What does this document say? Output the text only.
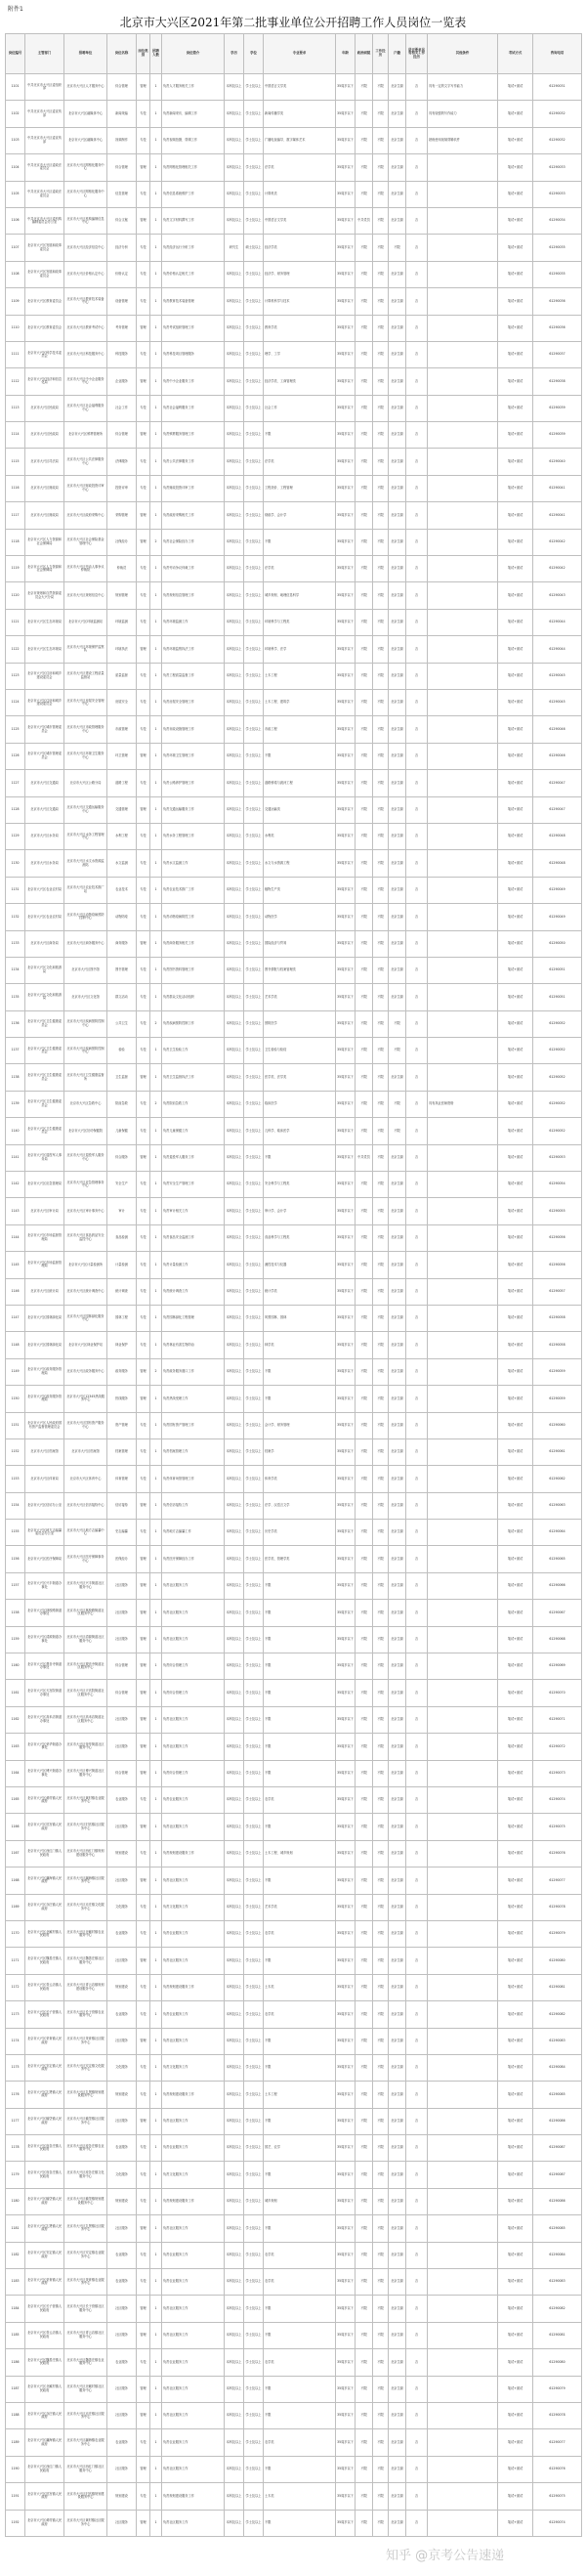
附件1
北京市大兴区2021年第二批事业单位公开招聘工作人员岗位一览表
岗位编号	主管部门	招聘单位	岗位名称	岗位类别	招聘人数	岗位简介	学历	学位	专业要求	年龄	政治面貌	工作经历	户籍	是否要求具有相关工作经历	其他条件	考试方式	咨询电话
1101	中共北京市大兴区委组织部	北京市大兴区人才服务中心	综合管理	管理	1	负责人才服务相关工作	本科及以上	学士及以上	中国语言文学类	35周岁以下	不限	不限	北京生源	否	具有一定的文字写作能力	笔试+面试	61290031
1102	中共北京市大兴区委宣传部	北京市大兴区融媒体中心	新闻采编	专技	1	负责新闻采访、编辑工作	本科及以上	学士及以上	新闻传播学类	35周岁以下	不限	不限	北京生源	否	具有较强的写作能力	笔试+面试	61290032
1103	中共北京市大兴区委宣传部	北京市大兴区融媒体中心	视频制作	专技	1	负责视频拍摄、剪辑工作	本科及以上	学士及以上	广播电视编导、数字媒体艺术	35周岁以下	不限	不限	北京生源	否	熟练使用视频剪辑软件	笔试+面试	61290032
1104	中共北京市大兴区委政法委员会	北京市大兴区网格化服务中心	综合管理	管理	1	负责网格化管理相关工作	本科及以上	学士及以上	法学类	35周岁以下	不限	不限	北京生源	否		笔试+面试	61290033
1105	中共北京市大兴区委政法委员会	北京市大兴区网格化服务中心	信息管理	专技	1	负责信息系统维护工作	本科及以上	学士及以上	计算机类	35周岁以下	不限	不限	北京生源	否		笔试+面试	61290033
1106	中共北京市大兴区委机构编制委员会办公室	北京市大兴区机构编制信息中心	综合文秘	管理	1	负责文字材料撰写工作	本科及以上	学士及以上	中国语言文学类	35周岁以下	中共党员	不限	北京生源	否		笔试+面试	61290034
1107	北京市大兴区发展和改革委员会	北京市大兴区经济信息中心	经济分析	专技	1	负责经济运行分析工作	研究生	硕士及以上	经济学类	35周岁以下	不限	不限	不限	否		笔试+面试	61290035
1108	北京市大兴区发展和改革委员会	北京市大兴区价格认定中心	价格认定	专技	1	负责价格认定相关工作	本科及以上	学士及以上	经济学、财务管理	35周岁以下	不限	不限	北京生源	否		笔试+面试	61290035
1109	北京市大兴区教育委员会	北京市大兴区教育技术装备中心	设备管理	专技	1	负责教育技术装备管理	本科及以上	学士及以上	计算机科学与技术	35周岁以下	不限	不限	北京生源	否		笔试+面试	61290036
1110	北京市大兴区教育委员会	北京市大兴区教育考试中心	考务管理	管理	1	负责考试组织管理工作	本科及以上	学士及以上	教育学类	35周岁以下	不限	不限	北京生源	否		笔试+面试	61290036
1111	北京市大兴区科学技术委员会	北京市大兴区科技服务中心	科技服务	专技	1	负责科技项目管理服务	本科及以上	学士及以上	理学、工学	35周岁以下	不限	不限	北京生源	否		笔试+面试	61290037
1112	北京市大兴区经济和信息化局	北京市大兴区中小企业服务中心	企业服务	管理	1	负责中小企业服务工作	本科及以上	学士及以上	经济学类、工商管理类	35周岁以下	不限	不限	北京生源	否		笔试+面试	61290038
1113	北京市大兴区民政局	北京市大兴区社会福利服务中心	社会工作	专技	1	负责社会福利服务工作	本科及以上	学士及以上	社会工作	35周岁以下	不限	不限	北京生源	否		笔试+面试	61290039
1114	北京市大兴区民政局	北京市大兴区殡葬管理所	综合管理	管理	1	负责殡葬服务管理工作	本科及以上	学士及以上	不限	35周岁以下	不限	不限	北京生源	否		笔试+面试	61290039
1115	北京市大兴区司法局	北京市大兴区公共法律服务中心	法律服务	专技	1	负责公共法律服务工作	本科及以上	学士及以上	法学类	35周岁以下	不限	不限	北京生源	否		笔试+面试	61290040
1116	北京市大兴区财政局	北京市大兴区财政投资评审中心	投资评审	专技	1	负责财政投资评审工作	本科及以上	学士及以上	工程造价、工程管理	35周岁以下	不限	不限	北京生源	否		笔试+面试	61290041
1117	北京市大兴区财政局	北京市大兴区政府采购中心	采购管理	管理	1	负责政府采购相关工作	本科及以上	学士及以上	财政学、会计学	35周岁以下	不限	不限	北京生源	否		笔试+面试	61290041
1118	北京市大兴区人力资源和社会保障局	北京市大兴区社会保险基金管理中心	社保经办	管理	2	负责社会保险经办工作	本科及以上	学士及以上	不限	35周岁以下	不限	不限	北京生源	否		笔试+面试	61290042
1119	北京市大兴区人力资源和社会保障局	北京市大兴区劳动人事争议仲裁院	仲裁员	专技	1	负责劳动争议仲裁工作	本科及以上	学士及以上	法学类	35周岁以下	不限	不限	北京生源	否		笔试+面试	61290042
1120	北京市规划和自然资源委员会大兴分局	北京市大兴区规划信息中心	规划管理	专技	1	负责规划信息管理工作	本科及以上	学士及以上	城乡规划、地理信息科学	35周岁以下	不限	不限	北京生源	否		笔试+面试	61290043
1121	北京市大兴区生态环境局	北京市大兴区环境监测站	环境监测	专技	1	负责环境监测工作	本科及以上	学士及以上	环境科学与工程类	35周岁以下	不限	不限	北京生源	否		笔试+面试	61290044
1122	北京市大兴区生态环境局	北京市大兴区环境保护监察队	环境执法	管理	1	负责环境监察执法工作	本科及以上	学士及以上	环境科学、法学	35周岁以下	不限	不限	北京生源	否		笔试+面试	61290044
1123	北京市大兴区住房和城乡建设委员会	北京市大兴区建设工程质量监督站	质量监督	专技	1	负责工程质量监督工作	本科及以上	学士及以上	土木工程	35周岁以下	不限	不限	北京生源	否		笔试+面试	61290045
1124	北京市大兴区住房和城乡建设委员会	北京市大兴区房屋安全管理中心	房屋安全	专技	1	负责房屋安全管理工作	本科及以上	学士及以上	土木工程、建筑学	35周岁以下	不限	不限	北京生源	否		笔试+面试	61290045
1125	北京市大兴区城市管理委员会	北京市大兴区市政管理服务中心	市政管理	专技	1	负责市政设施管理工作	本科及以上	学士及以上	市政工程	35周岁以下	不限	不限	北京生源	否		笔试+面试	61290046
1126	北京市大兴区城市管理委员会	北京市大兴区环境卫生服务中心	环卫管理	管理	1	负责环境卫生管理工作	本科及以上	学士及以上	不限	35周岁以下	不限	不限	北京生源	否		笔试+面试	61290046
1127	北京市大兴区交通局	北京市大兴区公路分局	道路工程	专技	1	负责公路养护管理工作	本科及以上	学士及以上	道路桥梁与渡河工程	35周岁以下	不限	不限	北京生源	否		笔试+面试	61290047
1128	北京市大兴区交通局	北京市大兴区交通运输服务中心	交通管理	管理	1	负责交通运输服务工作	本科及以上	学士及以上	交通运输类	35周岁以下	不限	不限	北京生源	否		笔试+面试	61290047
1129	北京市大兴区水务局	北京市大兴区水务工程管理中心	水利工程	专技	1	负责水务工程管理工作	本科及以上	学士及以上	水利类	35周岁以下	不限	不限	北京生源	否		笔试+面试	61290048
1130	北京市大兴区水务局	北京市大兴区水文水资源监测站	水文监测	专技	1	负责水文监测工作	本科及以上	学士及以上	水文与水资源工程	35周岁以下	不限	不限	北京生源	否		笔试+面试	61290048
1131	北京市大兴区农业农村局	北京市大兴区农业技术推广站	农业技术	专技	1	负责农业技术推广工作	本科及以上	学士及以上	植物生产类	35周岁以下	不限	不限	北京生源	否		笔试+面试	61290049
1132	北京市大兴区农业农村局	北京市大兴区动物疫病预防控制中心	动物防疫	专技	1	负责动物疫病防控工作	本科及以上	学士及以上	动物医学	35周岁以下	不限	不限	北京生源	否		笔试+面试	61290049
1133	北京市大兴区商务局	北京市大兴区商务服务中心	商务服务	管理	1	负责商务服务相关工作	本科及以上	学士及以上	国际经济与贸易	35周岁以下	不限	不限	北京生源	否		笔试+面试	61290050
1134	北京市大兴区文化和旅游局	北京市大兴区图书馆	图书管理	专技	1	负责图书资料管理工作	本科及以上	学士及以上	图书情报与档案管理类	35周岁以下	不限	不限	北京生源	否		笔试+面试	61290051
1135	北京市大兴区文化和旅游局	北京市大兴区文化馆	群文活动	专技	1	负责群众文化活动组织	本科及以上	学士及以上	艺术学类	35周岁以下	不限	不限	北京生源	否		笔试+面试	61290051
1136	北京市大兴区卫生健康委员会	北京市大兴区疾病预防控制中心	公共卫生	专技	2	负责疾病预防控制工作	本科及以上	学士及以上	预防医学	35周岁以下	不限	不限	不限	否		笔试+面试	61290052
1137	北京市大兴区卫生健康委员会	北京市大兴区疾病预防控制中心	检验	专技	1	负责卫生检验工作	本科及以上	学士及以上	卫生检验与检疫	35周岁以下	不限	不限	不限	否		笔试+面试	61290052
1138	北京市大兴区卫生健康委员会	北京市大兴区卫生健康监督所	卫生监督	管理	1	负责卫生监督执法工作	本科及以上	学士及以上	医学类、法学类	35周岁以下	不限	不限	北京生源	否		笔试+面试	61290052
1139	北京市大兴区卫生健康委员会	北京市大兴区急救中心	院前急救	专技	2	负责院前急救工作	本科及以上	学士及以上	临床医学	35周岁以下	不限	不限	不限	否	具有执业医师资格	笔试+面试	61290052
1140	北京市大兴区卫生健康委员会	北京市大兴区妇幼保健院	儿童保健	专技	1	负责儿童保健工作	本科及以上	学士及以上	儿科学、临床医学	35周岁以下	不限	不限	不限	否		笔试+面试	61290052
1141	北京市大兴区退役军人事务局	北京市大兴区退役军人服务中心	综合服务	管理	1	负责退役军人服务工作	本科及以上	学士及以上	不限	35周岁以下	中共党员	不限	北京生源	否		笔试+面试	61290053
1142	北京市大兴区应急管理局	北京市大兴区应急管理事务中心	安全生产	专技	1	负责安全生产管理工作	本科及以上	学士及以上	安全科学与工程类	35周岁以下	不限	不限	北京生源	否		笔试+面试	61290054
1143	北京市大兴区审计局	北京市大兴区审计事务中心	审计	专技	1	负责审计相关工作	本科及以上	学士及以上	审计学、会计学	35周岁以下	不限	不限	北京生源	否		笔试+面试	61290055
1144	北京市大兴区市场监督管理局	北京市大兴区食品药品安全监控中心	食品检测	专技	1	负责食品安全监测工作	本科及以上	学士及以上	食品科学与工程类	35周岁以下	不限	不限	北京生源	否		笔试+面试	61290056
1145	北京市大兴区市场监督管理局	北京市大兴区计量检测所	计量检测	专技	1	负责计量检测工作	本科及以上	学士及以上	测控技术与仪器	35周岁以下	不限	不限	北京生源	否		笔试+面试	61290056
1146	北京市大兴区统计局	北京市大兴区统计调查中心	统计调查	专技	1	负责统计调查工作	本科及以上	学士及以上	统计学类	35周岁以下	不限	不限	北京生源	否		笔试+面试	61290057
1147	北京市大兴区园林绿化局	北京市大兴区园林绿化服务中心	园林工程	专技	1	负责园林绿化工程管理	本科及以上	学士及以上	风景园林、园林	35周岁以下	不限	不限	北京生源	否		笔试+面试	61290058
1148	北京市大兴区园林绿化局	北京市大兴区林业保护站	林业保护	专技	1	负责林业有害生物防治	本科及以上	学士及以上	林学类	35周岁以下	不限	不限	北京生源	否		笔试+面试	61290058
1149	北京市大兴区政务服务管理局	北京市大兴区政务服务中心	政务服务	管理	2	负责政务服务窗口工作	本科及以上	学士及以上	不限	35周岁以下	不限	不限	北京生源	否		笔试+面试	61290059
1150	北京市大兴区政务服务管理局	北京市大兴区12345热线服务中心	热线服务	管理	1	负责热线受理工作	本科及以上	学士及以上	不限	35周岁以下	不限	不限	北京生源	否		笔试+面试	61290059
1151	北京市大兴区人民政府国有资产监督管理委员会	北京市大兴区国有资产服务中心	资产管理	专技	1	负责国有资产管理工作	本科及以上	学士及以上	会计学、财务管理	35周岁以下	不限	不限	北京生源	否		笔试+面试	61290060
1152	北京市大兴区档案馆	北京市大兴区档案馆	档案管理	专技	1	负责档案管理工作	本科及以上	学士及以上	档案学	35周岁以下	不限	不限	北京生源	否		笔试+面试	61290061
1153	北京市大兴区体育局	北京市大兴区体育中心	体育管理	专技	1	负责体育场馆管理工作	本科及以上	学士及以上	体育学类	35周岁以下	不限	不限	北京生源	否		笔试+面试	61290062
1154	北京市大兴区信访办公室	北京市大兴区信访接待中心	信访接待	管理	1	负责信访接待工作	本科及以上	学士及以上	法学、汉语言文学	35周岁以下	不限	不限	北京生源	否		笔试+面试	61290063
1155	北京市大兴区地方志编纂委员会办公室	北京市大兴区地方志编纂中心	史志编纂	专技	1	负责地方志编纂工作	本科及以上	学士及以上	历史学类	35周岁以下	不限	不限	北京生源	否		笔试+面试	61290064
1156	北京市大兴区医疗保障局	北京市大兴区医疗保障事务中心	医保经办	管理	1	负责医疗保障经办工作	本科及以上	学士及以上	医学类、管理学类	35周岁以下	不限	不限	北京生源	否		笔试+面试	61290065
1157	北京市大兴区兴丰街道办事处	北京市大兴区兴丰街道社区服务中心	社区服务	管理	1	负责社区服务工作	本科及以上	学士及以上	不限	35周岁以下	不限	不限	北京生源	否		笔试+面试	61290066
1158	北京市大兴区林校路街道办事处	北京市大兴区林校路街道社区服务中心	社区服务	管理	1	负责社区服务工作	本科及以上	学士及以上	不限	35周岁以下	不限	不限	北京生源	否		笔试+面试	61290067
1159	北京市大兴区清源街道办事处	北京市大兴区清源街道社区服务中心	社区服务	管理	1	负责社区服务工作	本科及以上	学士及以上	不限	35周岁以下	不限	不限	北京生源	否		笔试+面试	61290068
1160	北京市大兴区观音寺街道办事处	北京市大兴区观音寺街道社区服务中心	综合管理	管理	1	负责综合管理工作	本科及以上	学士及以上	不限	35周岁以下	不限	不限	北京生源	否		笔试+面试	61290069
1161	北京市大兴区天宫院街道办事处	北京市大兴区天宫院街道社区服务中心	综合管理	管理	1	负责综合管理工作	本科及以上	学士及以上	不限	35周岁以下	不限	不限	北京生源	否		笔试+面试	61290070
1162	北京市大兴区高米店街道办事处	北京市大兴区高米店街道社区服务中心	社区服务	管理	1	负责社区服务工作	本科及以上	学士及以上	不限	35周岁以下	不限	不限	北京生源	否		笔试+面试	61290071
1163	北京市大兴区荣华街道办事处	北京市大兴区荣华街道社区服务中心	社区服务	管理	1	负责社区服务工作	本科及以上	学士及以上	不限	35周岁以下	不限	不限	北京生源	否		笔试+面试	61290072
1164	北京市大兴区博兴街道办事处	北京市大兴区博兴街道社区服务中心	综合管理	管理	1	负责综合管理工作	本科及以上	学士及以上	不限	35周岁以下	不限	不限	北京生源	否		笔试+面试	61290073
1165	北京市大兴区黄村镇人民政府	北京市大兴区黄村镇农业服务中心	农业服务	专技	1	负责农业服务工作	本科及以上	学士及以上	农学类	35周岁以下	不限	不限	北京生源	否		笔试+面试	61290074
1166	北京市大兴区旧宫镇人民政府	北京市大兴区旧宫镇社区服务中心	社区服务	管理	1	负责社区服务工作	本科及以上	学士及以上	不限	35周岁以下	不限	不限	北京生源	否		笔试+面试	61290075
1167	北京市大兴区西红门镇人民政府	北京市大兴区西红门镇规划建设服务中心	规划建设	专技	1	负责规划建设服务工作	本科及以上	学士及以上	土木工程、城乡规划	35周岁以下	不限	不限	北京生源	否		笔试+面试	61290076
1168	北京市大兴区瀛海镇人民政府	北京市大兴区瀛海镇社区服务中心	社区服务	管理	1	负责社区服务工作	本科及以上	学士及以上	不限	35周岁以下	不限	不限	北京生源	否		笔试+面试	61290077
1169	北京市大兴区亦庄镇人民政府	北京市大兴区亦庄镇文化服务中心	文化服务	专技	1	负责文化服务工作	本科及以上	学士及以上	艺术学类	35周岁以下	不限	不限	北京生源	否		笔试+面试	61290078
1170	北京市大兴区北臧村镇人民政府	北京市大兴区北臧村镇农业服务中心	农业服务	专技	1	负责农业服务工作	本科及以上	学士及以上	农学类	35周岁以下	不限	不限	北京生源	否		笔试+面试	61290079
1171	北京市大兴区魏善庄镇人民政府	北京市大兴区魏善庄镇社区服务中心	社区服务	管理	1	负责社区服务工作	本科及以上	学士及以上	不限	35周岁以下	不限	不限	北京生源	否		笔试+面试	61290080
1172	北京市大兴区青云店镇人民政府	北京市大兴区青云店镇规划建设服务中心	规划建设	专技	1	负责规划建设服务工作	本科及以上	学士及以上	土木类	35周岁以下	不限	不限	北京生源	否		笔试+面试	61290081
1173	北京市大兴区长子营镇人民政府	北京市大兴区长子营镇农业服务中心	农业服务	专技	1	负责农业服务工作	本科及以上	学士及以上	农学类	35周岁以下	不限	不限	北京生源	否		笔试+面试	61290082
1174	北京市大兴区采育镇人民政府	北京市大兴区采育镇社区服务中心	社区服务	管理	1	负责社区服务工作	本科及以上	学士及以上	不限	35周岁以下	不限	不限	北京生源	否		笔试+面试	61290083
1175	北京市大兴区安定镇人民政府	北京市大兴区安定镇文化服务中心	文化服务	专技	1	负责文化服务工作	本科及以上	学士及以上	不限	35周岁以下	不限	不限	北京生源	否		笔试+面试	61290084
1176	北京市大兴区礼贤镇人民政府	北京市大兴区礼贤镇规划建设服务中心	规划建设	专技	1	负责规划建设服务工作	本科及以上	学士及以上	土木工程	35周岁以下	不限	不限	北京生源	否		笔试+面试	61290085
1177	北京市大兴区榆垡镇人民政府	北京市大兴区榆垡镇社区服务中心	社区服务	管理	1	负责社区服务工作	本科及以上	学士及以上	不限	35周岁以下	不限	不限	北京生源	否		笔试+面试	61290086
1178	北京市大兴区庞各庄镇人民政府	北京市大兴区庞各庄镇农业服务中心	农业服务	专技	1	负责农业服务工作	本科及以上	学士及以上	园艺、农学	35周岁以下	不限	不限	北京生源	否		笔试+面试	61290087
1179	北京市大兴区庞各庄镇人民政府	北京市大兴区庞各庄镇文化服务中心	文化服务	专技	1	负责文化服务工作	本科及以上	学士及以上	不限	35周岁以下	不限	不限	北京生源	否		笔试+面试	61290087
1180	北京市大兴区榆垡镇人民政府	北京市大兴区榆垡镇规划建设服务中心	规划建设	专技	1	负责规划建设服务工作	本科及以上	学士及以上	城乡规划	35周岁以下	不限	不限	北京生源	否		笔试+面试	61290086
1181	北京市大兴区礼贤镇人民政府	北京市大兴区礼贤镇社区服务中心	社区服务	管理	1	负责社区服务工作	本科及以上	学士及以上	不限	35周岁以下	不限	不限	北京生源	否		笔试+面试	61290085
1182	北京市大兴区安定镇人民政府	北京市大兴区安定镇农业服务中心	农业服务	专技	1	负责农业服务工作	本科及以上	学士及以上	农学类	35周岁以下	不限	不限	北京生源	否		笔试+面试	61290084
1183	北京市大兴区采育镇人民政府	北京市大兴区采育镇农业服务中心	农业服务	专技	1	负责农业服务工作	本科及以上	学士及以上	农学类	35周岁以下	不限	不限	北京生源	否		笔试+面试	61290083
1184	北京市大兴区长子营镇人民政府	北京市大兴区长子营镇社区服务中心	社区服务	管理	1	负责社区服务工作	本科及以上	学士及以上	不限	35周岁以下	不限	不限	北京生源	否		笔试+面试	61290082
1185	北京市大兴区青云店镇人民政府	北京市大兴区青云店镇社区服务中心	社区服务	管理	1	负责社区服务工作	本科及以上	学士及以上	不限	35周岁以下	不限	不限	北京生源	否		笔试+面试	61290081
1186	北京市大兴区魏善庄镇人民政府	北京市大兴区魏善庄镇农业服务中心	农业服务	专技	1	负责农业服务工作	本科及以上	学士及以上	农学类	35周岁以下	不限	不限	北京生源	否		笔试+面试	61290080
1187	北京市大兴区北臧村镇人民政府	北京市大兴区北臧村镇社区服务中心	社区服务	管理	1	负责社区服务工作	本科及以上	学士及以上	不限	35周岁以下	不限	不限	北京生源	否		笔试+面试	61290079
1188	北京市大兴区亦庄镇人民政府	北京市大兴区亦庄镇社区服务中心	社区服务	管理	1	负责社区服务工作	本科及以上	学士及以上	不限	35周岁以下	不限	不限	北京生源	否		笔试+面试	61290078
1189	北京市大兴区瀛海镇人民政府	北京市大兴区瀛海镇农业服务中心	农业服务	专技	1	负责农业服务工作	本科及以上	学士及以上	农学类	35周岁以下	不限	不限	北京生源	否		笔试+面试	61290077
1190	北京市大兴区西红门镇人民政府	北京市大兴区西红门镇社区服务中心	社区服务	管理	1	负责社区服务工作	本科及以上	学士及以上	不限	35周岁以下	不限	不限	北京生源	否		笔试+面试	61290076
1191	北京市大兴区旧宫镇人民政府	北京市大兴区旧宫镇规划建设服务中心	规划建设	专技	1	负责规划建设服务工作	本科及以上	学士及以上	土木类	35周岁以下	不限	不限	北京生源	否		笔试+面试	61290075
1192	北京市大兴区黄村镇人民政府	北京市大兴区黄村镇社区服务中心	社区服务	管理	1	负责社区服务工作	本科及以上	学士及以上	不限	35周岁以下	不限	不限	北京生源	否		笔试+面试	61290074
知乎 @京考公告速递
